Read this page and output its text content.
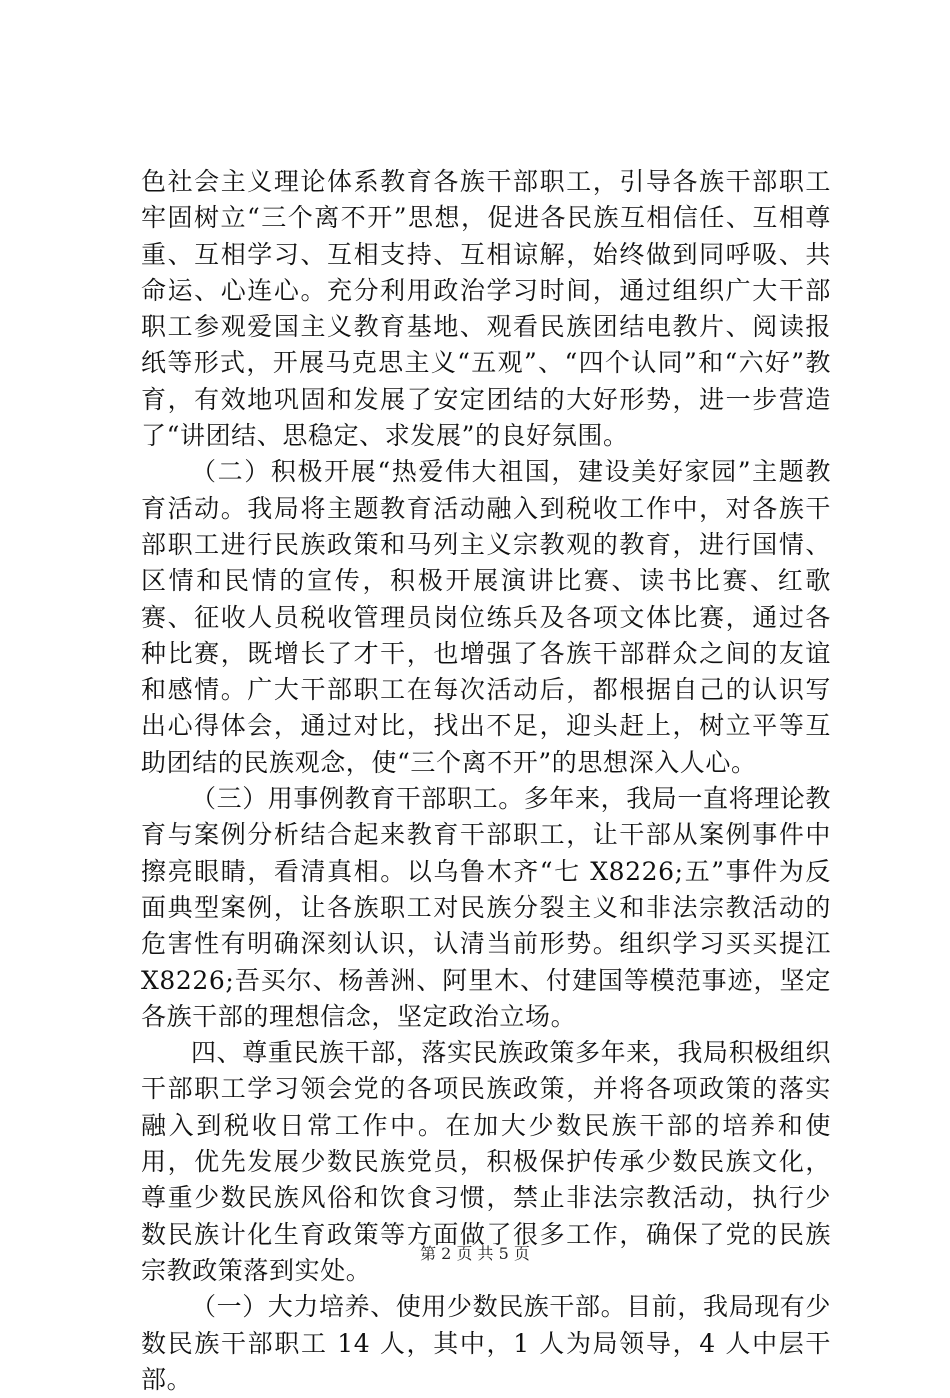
色社会主义理论体系教育各族干部职工，引导各族干部职工牢固树立“三个离不开”思想，促进各民族互相信任、互相尊重、互相学习、互相支持、互相谅解，始终做到同呼吸、共命运、心连心。充分利用政治学习时间，通过组织广大干部职工参观爱国主义教育基地、观看民族团结电教片、阅读报纸等形式，开展马克思主义“五观”、“四个认同”和“六好”教育，有效地巩固和发展了安定团结的大好形势，进一步营造了“讲团结、思稳定、求发展”的良好氛围。

（二）积极开展“热爱伟大祖国，建设美好家园”主题教育活动。我局将主题教育活动融入到税收工作中，对各族干部职工进行民族政策和马列主义宗教观的教育，进行国情、区情和民情的宣传，积极开展演讲比赛、读书比赛、红歌赛、征收人员税收管理员岗位练兵及各项文体比赛，通过各种比赛，既增长了才干，也增强了各族干部群众之间的友谊和感情。广大干部职工在每次活动后，都根据自己的认识写出心得体会，通过对比，找出不足，迎头赶上，树立平等互助团结的民族观念，使“三个离不开”的思想深入人心。

（三）用事例教育干部职工。多年来，我局一直将理论教育与案例分析结合起来教育干部职工，让干部从案例事件中擦亮眼睛，看清真相。以乌鲁木齐“七 X8226;五”事件为反面典型案例，让各族职工对民族分裂主义和非法宗教活动的危害性有明确深刻认识，认清当前形势。组织学习买买提江 X8226;吾买尔、杨善洲、阿里木、付建国等模范事迹，坚定各族干部的理想信念，坚定政治立场。

四、尊重民族干部，落实民族政策多年来，我局积极组织干部职工学习领会党的各项民族政策，并将各项政策的落实融入到税收日常工作中。在加大少数民族干部的培养和使用，优先发展少数民族党员，积极保护传承少数民族文化，尊重少数民族风俗和饮食习惯，禁止非法宗教活动，执行少数民族计化生育政策等方面做了很多工作，确保了党的民族宗教政策落到实处。

（一）大力培养、使用少数民族干部。目前，我局现有少数民族干部职工 14 人，其中，1 人为局领导，4 人中层干部。

第 2 页 共 5 页
